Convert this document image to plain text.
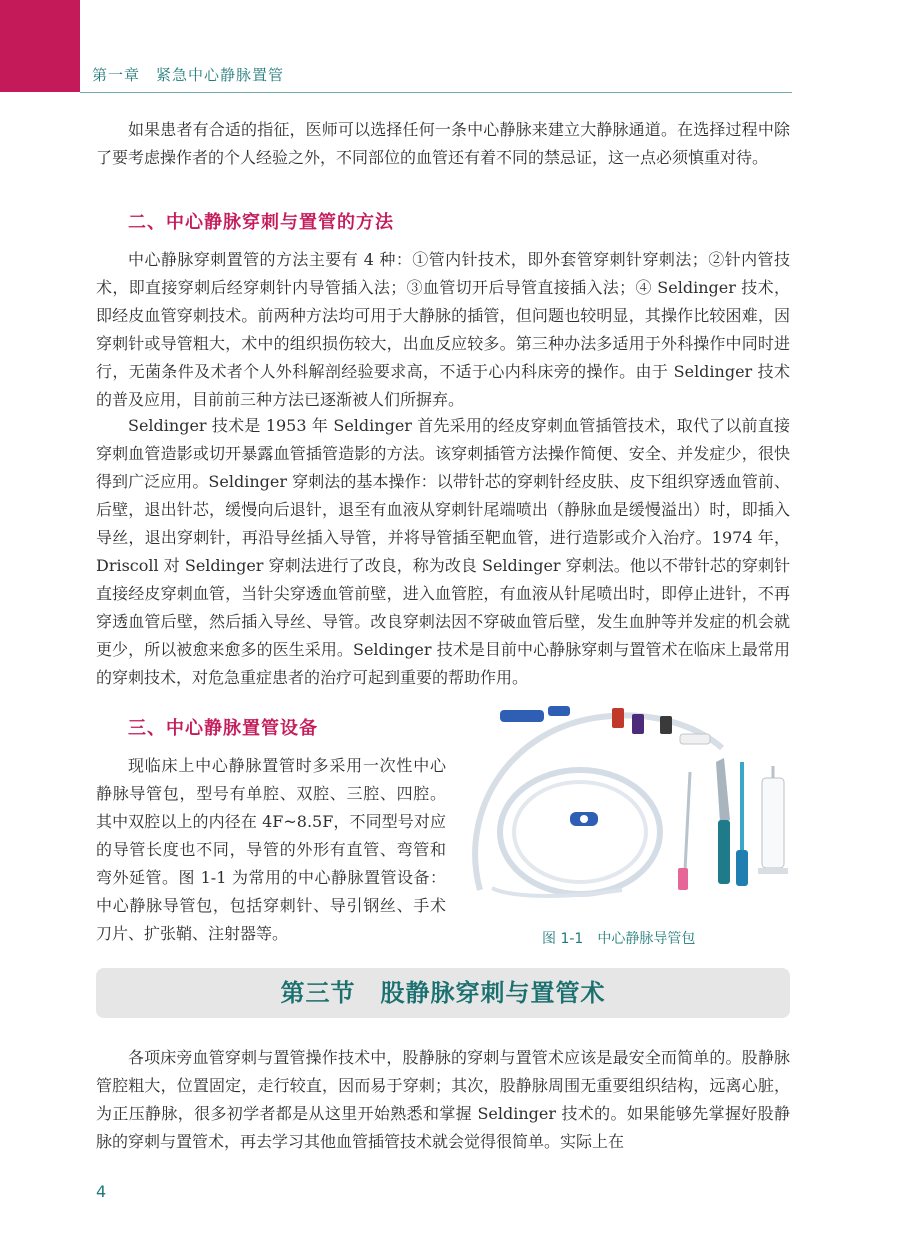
第一章　紧急中心静脉置管

如果患者有合适的指征，医师可以选择任何一条中心静脉来建立大静脉通道。在选择过程中除了要考虑操作者的个人经验之外，不同部位的血管还有着不同的禁忌证，这一点必须慎重对待。

二、中心静脉穿刺与置管的方法

中心静脉穿刺置管的方法主要有 4 种：①管内针技术，即外套管穿刺针穿刺法；②针内管技术，即直接穿刺后经穿刺针内导管插入法；③血管切开后导管直接插入法；④ Seldinger 技术，即经皮血管穿刺技术。前两种方法均可用于大静脉的插管，但问题也较明显，其操作比较困难，因穿刺针或导管粗大，术中的组织损伤较大，出血反应较多。第三种办法多适用于外科操作中同时进行，无菌条件及术者个人外科解剖经验要求高，不适于心内科床旁的操作。由于 Seldinger 技术的普及应用，目前前三种方法已逐渐被人们所摒弃。

Seldinger 技术是 1953 年 Seldinger 首先采用的经皮穿刺血管插管技术，取代了以前直接穿刺血管造影或切开暴露血管插管造影的方法。该穿刺插管方法操作简便、安全、并发症少，很快得到广泛应用。Seldinger 穿刺法的基本操作：以带针芯的穿刺针经皮肤、皮下组织穿透血管前、后壁，退出针芯，缓慢向后退针，退至有血液从穿刺针尾端喷出（静脉血是缓慢溢出）时，即插入导丝，退出穿刺针，再沿导丝插入导管，并将导管插至靶血管，进行造影或介入治疗。1974 年，Driscoll 对 Seldinger 穿刺法进行了改良，称为改良 Seldinger 穿刺法。他以不带针芯的穿刺针直接经皮穿刺血管，当针尖穿透血管前壁，进入血管腔，有血液从针尾喷出时，即停止进针，不再穿透血管后壁，然后插入导丝、导管。改良穿刺法因不穿破血管后壁，发生血肿等并发症的机会就更少，所以被愈来愈多的医生采用。Seldinger 技术是目前中心静脉穿刺与置管术在临床上最常用的穿刺技术，对危急重症患者的治疗可起到重要的帮助作用。

三、中心静脉置管设备

现临床上中心静脉置管时多采用一次性中心静脉导管包，型号有单腔、双腔、三腔、四腔。其中双腔以上的内径在 4F~8.5F，不同型号对应的导管长度也不同，导管的外形有直管、弯管和弯外延管。图 1-1 为常用的中心静脉置管设备：中心静脉导管包，包括穿刺针、导引钢丝、手术刀片、扩张鞘、注射器等。	图 1-1　中心静脉导管包
第三节　股静脉穿刺与置管术

各项床旁血管穿刺与置管操作技术中，股静脉的穿刺与置管术应该是最安全而简单的。股静脉管腔粗大，位置固定，走行较直，因而易于穿刺；其次，股静脉周围无重要组织结构，远离心脏，为正压静脉，很多初学者都是从这里开始熟悉和掌握 Seldinger 技术的。如果能够先掌握好股静脉的穿刺与置管术，再去学习其他血管插管技术就会觉得很简单。实际上在

4
